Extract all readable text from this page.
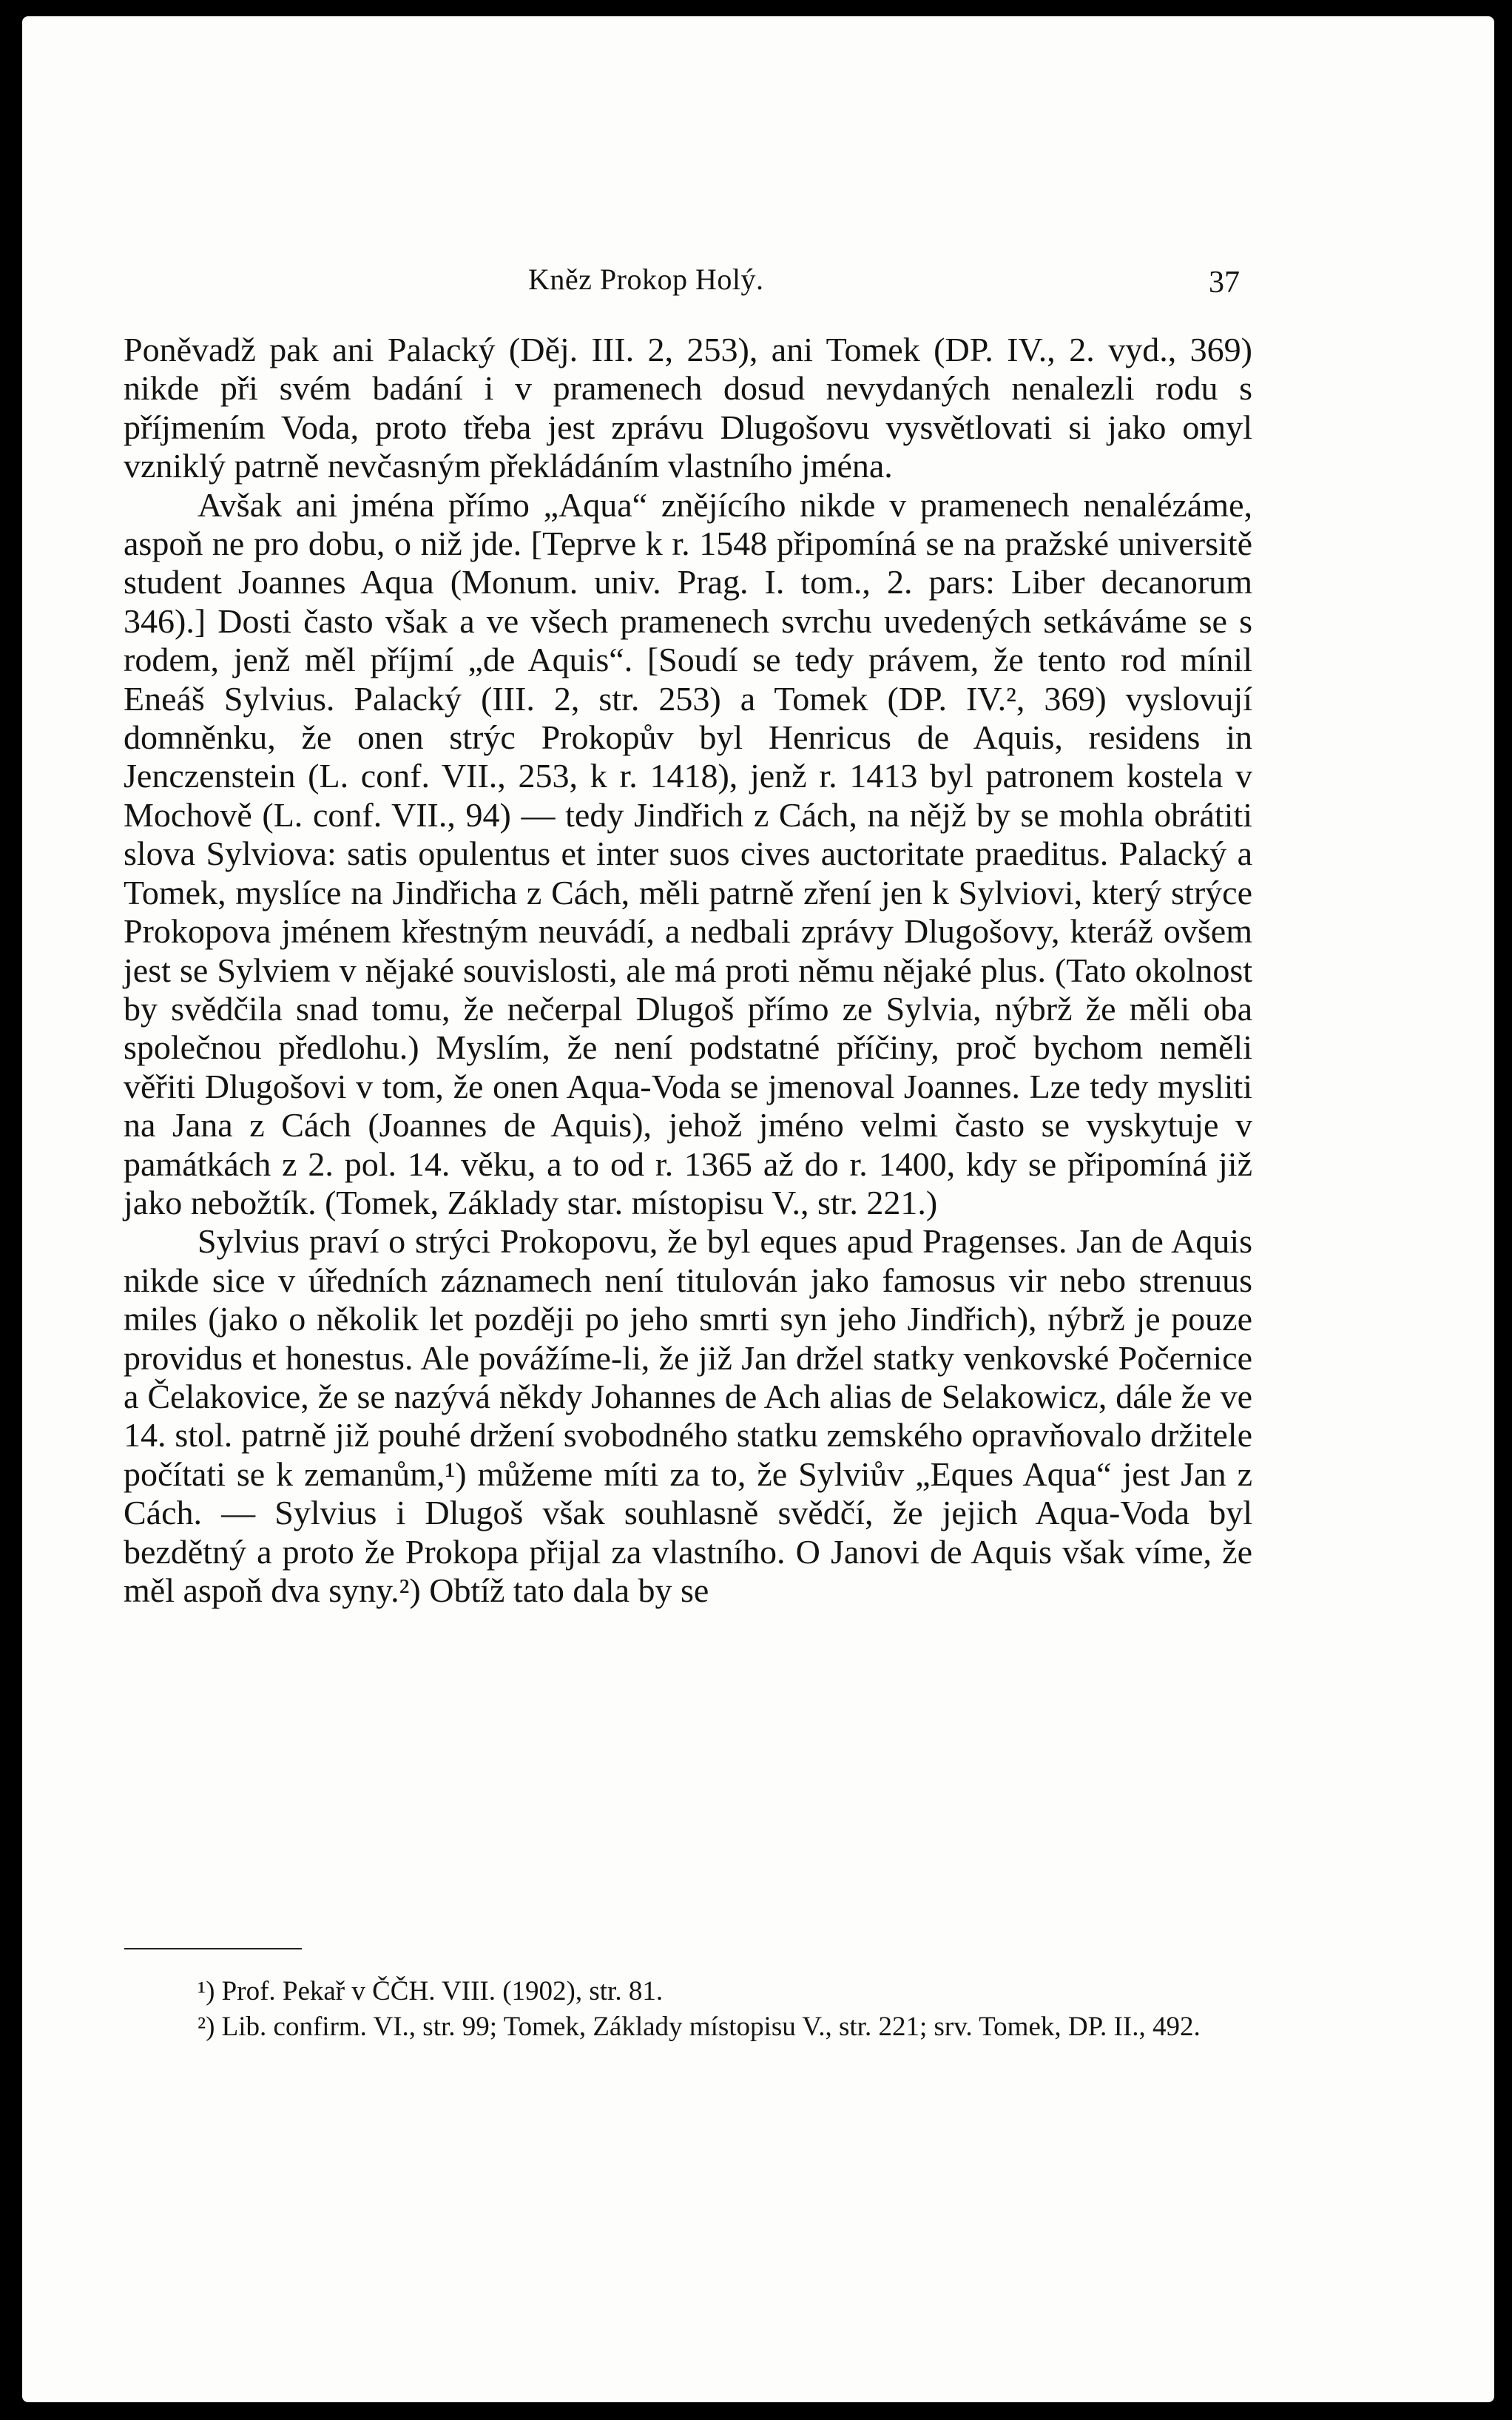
Kněz Prokop Holý.	37

Poněvadž pak ani Palacký (Děj. III. 2, 253), ani Tomek (DP. IV., 2. vyd., 369) nikde při svém badání i v pramenech dosud nevydaných nenalezli rodu s příjmením Voda, proto třeba jest zprávu Dlugošovu vysvětlovati si jako omyl vzniklý patrně nevčasným překládáním vlastního jména.

Avšak ani jména přímo „Aqua“ znějícího nikde v pramenech nenalézáme, aspoň ne pro dobu, o niž jde. [Teprve k r. 1548 připomíná se na pražské universitě student Joannes Aqua (Monum. univ. Prag. I. tom., 2. pars: Liber decanorum 346).] Dosti často však a ve všech pramenech svrchu uvedených setkáváme se s rodem, jenž měl příjmí „de Aquis“. [Soudí se tedy právem, že tento rod mínil Eneáš Sylvius. Palacký (III. 2, str. 253) a Tomek (DP. IV.², 369) vyslovují domněnku, že onen strýc Prokopův byl Henricus de Aquis, residens in Jenczenstein (L. conf. VII., 253, k r. 1418), jenž r. 1413 byl patronem kostela v Mochově (L. conf. VII., 94) — tedy Jindřich z Cách, na nějž by se mohla obrátiti slova Sylviova: satis opulentus et inter suos cives auctoritate praeditus. Palacký a Tomek, myslíce na Jindřicha z Cách, měli patrně zření jen k Sylviovi, který strýce Prokopova jménem křestným neuvádí, a nedbali zprávy Dlugošovy, kteráž ovšem jest se Sylviem v nějaké souvislosti, ale má proti němu nějaké plus. (Tato okolnost by svědčila snad tomu, že nečerpal Dlugoš přímo ze Sylvia, nýbrž že měli oba společnou předlohu.) Myslím, že není podstatné příčiny, proč bychom neměli věřiti Dlugošovi v tom, že onen Aqua-Voda se jmenoval Joannes. Lze tedy mysliti na Jana z Cách (Joannes de Aquis), jehož jméno velmi často se vyskytuje v památkách z 2. pol. 14. věku, a to od r. 1365 až do r. 1400, kdy se připomíná již jako nebožtík. (Tomek, Základy star. místopisu V., str. 221.)

Sylvius praví o strýci Prokopovu, že byl eques apud Pragenses. Jan de Aquis nikde sice v úředních záznamech není titulován jako famosus vir nebo strenuus miles (jako o několik let později po jeho smrti syn jeho Jindřich), nýbrž je pouze providus et honestus. Ale povážíme-li, že již Jan držel statky venkovské Počernice a Čelakovice, že se nazývá někdy Johannes de Ach alias de Selakowicz, dále že ve 14. stol. patrně již pouhé držení svobodného statku zemského opravňovalo držitele počítati se k zemanům,¹) můžeme míti za to, že Sylviův „Eques Aqua“ jest Jan z Cách. — Sylvius i Dlugoš však souhlasně svědčí, že jejich Aqua-Voda byl bezdětný a proto že Prokopa přijal za vlastního. O Janovi de Aquis však víme, že měl aspoň dva syny.²) Obtíž tato dala by se

¹) Prof. Pekař v ČČH. VIII. (1902), str. 81.

²) Lib. confirm. VI., str. 99; Tomek, Základy místopisu V., str. 221; srv. Tomek, DP. II., 492.
